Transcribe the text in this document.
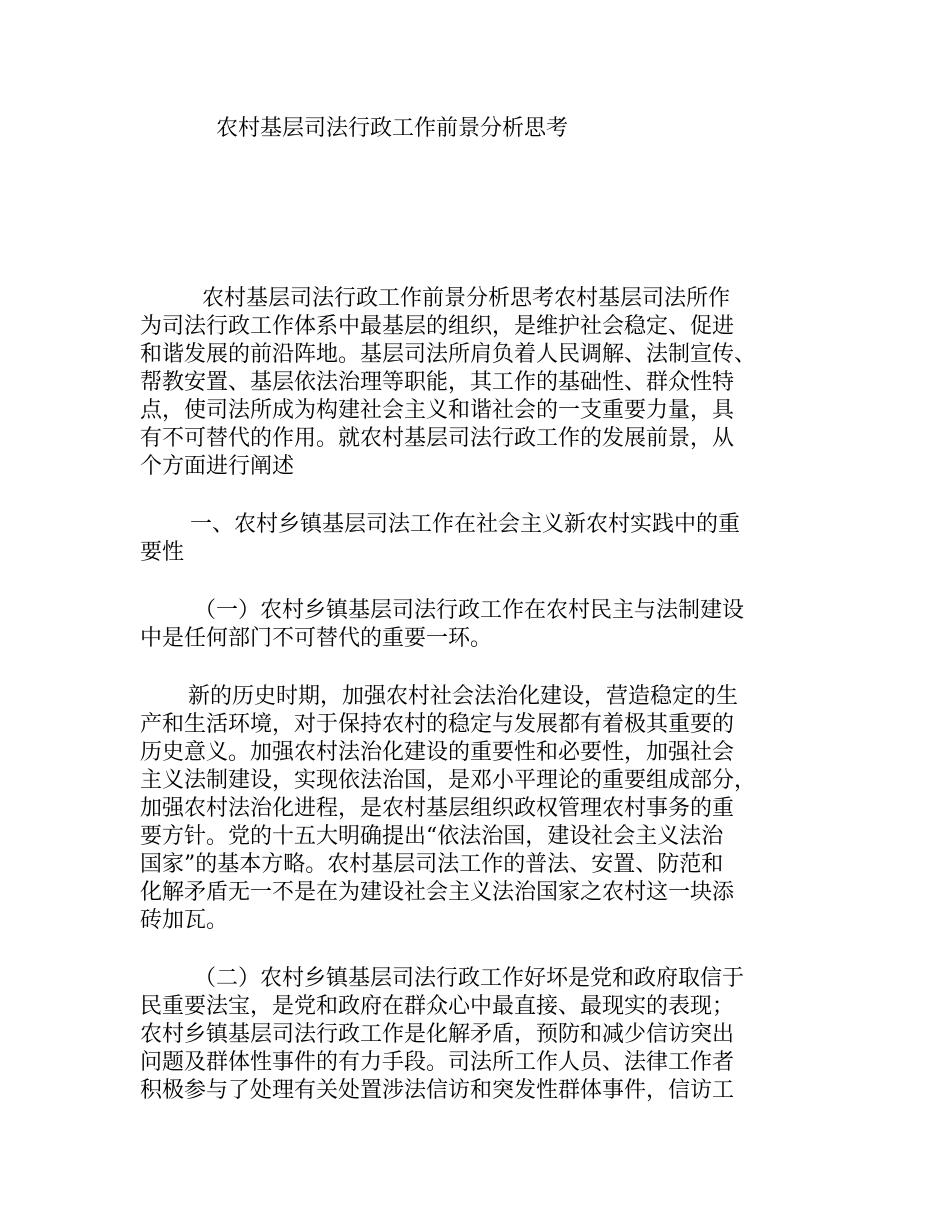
农村基层司法行政工作前景分析思考
农村基层司法行政工作前景分析思考农村基层司法所作
为司法行政工作体系中最基层的组织，是维护社会稳定、促进
和谐发展的前沿阵地。基层司法所肩负着人民调解、法制宣传、
帮教安置、基层依法治理等职能，其工作的基础性、群众性特
点，使司法所成为构建社会主义和谐社会的一支重要力量，具
有不可替代的作用。就农村基层司法行政工作的发展前景，从
个方面进行阐述
一、农村乡镇基层司法工作在社会主义新农村实践中的重
要性
（一）农村乡镇基层司法行政工作在农村民主与法制建设
中是任何部门不可替代的重要一环。
新的历史时期，加强农村社会法治化建设，营造稳定的生
产和生活环境，对于保持农村的稳定与发展都有着极其重要的
历史意义。加强农村法治化建设的重要性和必要性，加强社会
主义法制建设，实现依法治国，是邓小平理论的重要组成部分，
加强农村法治化进程，是农村基层组织政权管理农村事务的重
要方针。党的十五大明确提出“依法治国，建设社会主义法治
国家”的基本方略。农村基层司法工作的普法、安置、防范和
化解矛盾无一不是在为建设社会主义法治国家之农村这一块添
砖加瓦。
（二）农村乡镇基层司法行政工作好坏是党和政府取信于
民重要法宝，是党和政府在群众心中最直接、最现实的表现；
农村乡镇基层司法行政工作是化解矛盾，预防和减少信访突出
问题及群体性事件的有力手段。司法所工作人员、法律工作者
积极参与了处理有关处置涉法信访和突发性群体事件，信访工
